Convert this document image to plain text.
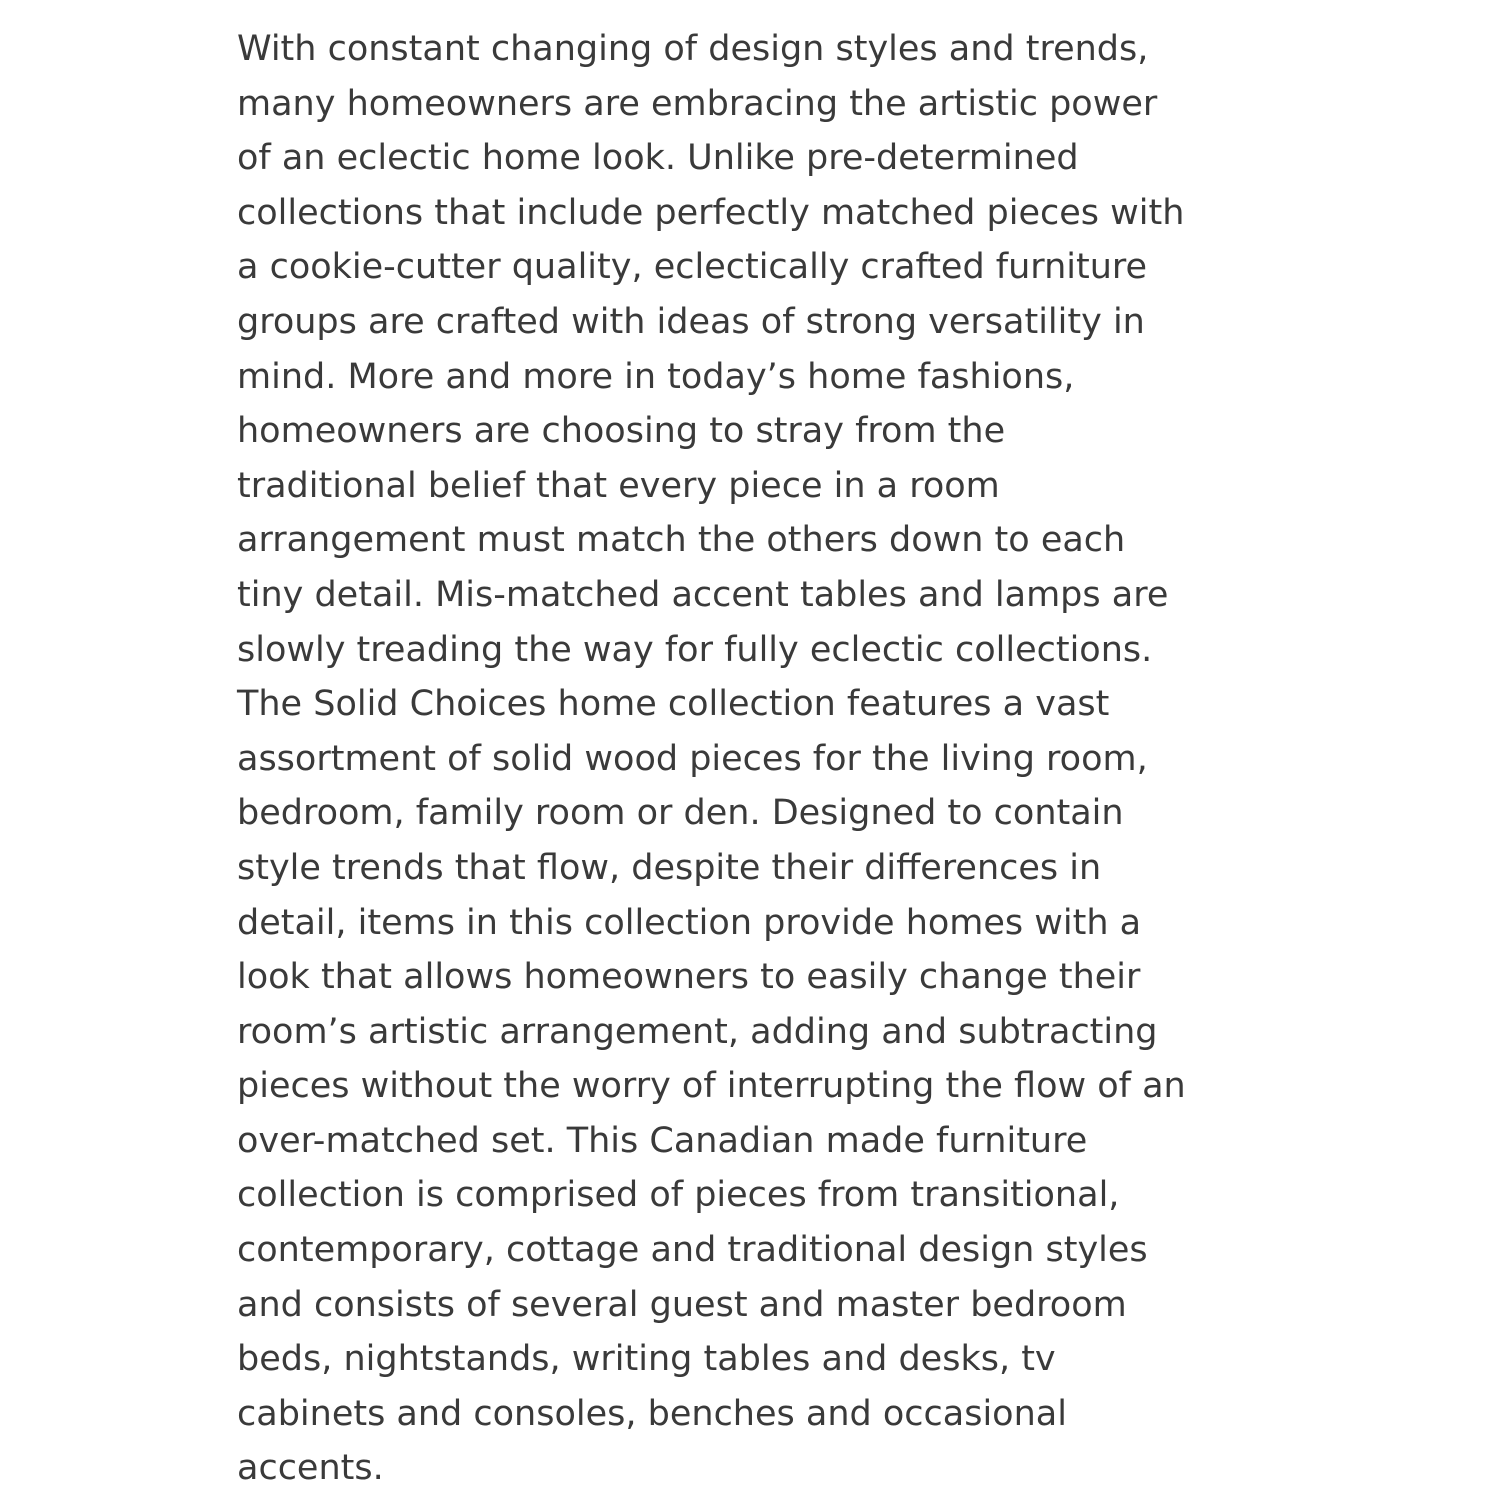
With constant changing of design styles and trends,
many homeowners are embracing the artistic power
of an eclectic home look. Unlike pre-determined
collections that include perfectly matched pieces with
a cookie-cutter quality, eclectically crafted furniture
groups are crafted with ideas of strong versatility in
mind. More and more in today’s home fashions,
homeowners are choosing to stray from the
traditional belief that every piece in a room
arrangement must match the others down to each
tiny detail. Mis-matched accent tables and lamps are
slowly treading the way for fully eclectic collections.
The Solid Choices home collection features a vast
assortment of solid wood pieces for the living room,
bedroom, family room or den. Designed to contain
style trends that flow, despite their differences in
detail, items in this collection provide homes with a
look that allows homeowners to easily change their
room’s artistic arrangement, adding and subtracting
pieces without the worry of interrupting the flow of an
over-matched set. This Canadian made furniture
collection is comprised of pieces from transitional,
contemporary, cottage and traditional design styles
and consists of several guest and master bedroom
beds, nightstands, writing tables and desks, tv
cabinets and consoles, benches and occasional
accents.
